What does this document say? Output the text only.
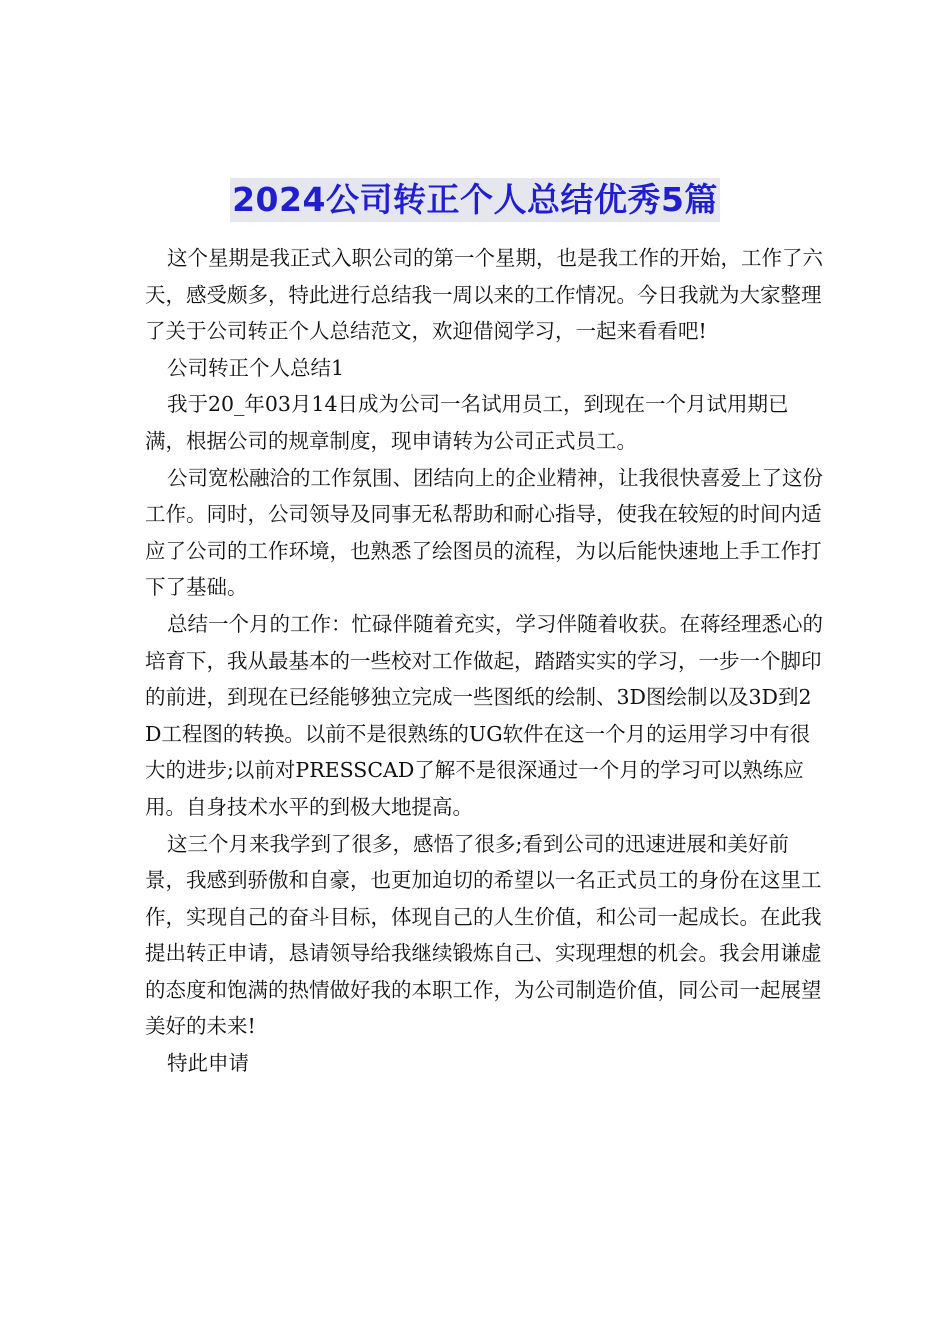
2024公司转正个人总结优秀5篇

这个星期是我正式入职公司的第一个星期，也是我工作的开始，工作了六天，感受颇多，特此进行总结我一周以来的工作情况。今日我就为大家整理了关于公司转正个人总结范文，欢迎借阅学习，一起来看看吧!

公司转正个人总结1

我于20_年03月14日成为公司一名试用员工，到现在一个月试用期已满，根据公司的规章制度，现申请转为公司正式员工。

公司宽松融洽的工作氛围、团结向上的企业精神，让我很快喜爱上了这份工作。同时，公司领导及同事无私帮助和耐心指导，使我在较短的时间内适应了公司的工作环境，也熟悉了绘图员的流程，为以后能快速地上手工作打下了基础。

总结一个月的工作：忙碌伴随着充实，学习伴随着收获。在蒋经理悉心的培育下，我从最基本的一些校对工作做起，踏踏实实的学习，一步一个脚印的前进，到现在已经能够独立完成一些图纸的绘制、3D图绘制以及3D到2D工程图的转换。以前不是很熟练的UG软件在这一个月的运用学习中有很大的进步;以前对PRESSCAD了解不是很深通过一个月的学习可以熟练应用。自身技术水平的到极大地提高。

这三个月来我学到了很多，感悟了很多;看到公司的迅速进展和美好前景，我感到骄傲和自豪，也更加迫切的希望以一名正式员工的身份在这里工作，实现自己的奋斗目标，体现自己的人生价值，和公司一起成长。在此我提出转正申请，恳请领导给我继续锻炼自己、实现理想的机会。我会用谦虚的态度和饱满的热情做好我的本职工作，为公司制造价值，同公司一起展望美好的未来!

特此申请
